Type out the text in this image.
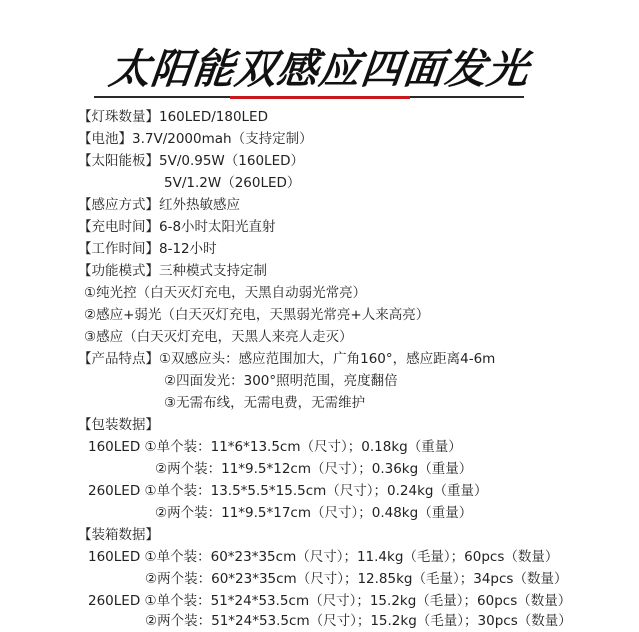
太阳能双感应四面发光
【灯珠数量】160LED/180LED
【电池】3.7V/2000mah（支持定制）
【太阳能板】5V/0.95W（160LED）
5V/1.2W（260LED）
【感应方式】红外热敏感应
【充电时间】6-8小时太阳光直射
【工作时间】8-12小时
【功能模式】三种模式支持定制
①纯光控（白天灭灯充电，天黑自动弱光常亮）
②感应+弱光（白天灭灯充电，天黑弱光常亮+人来高亮）
③感应（白天灭灯充电，天黑人来亮人走灭）
【产品特点】①双感应头：感应范围加大，广角160°，感应距离4-6m
②四面发光：300°照明范围，亮度翻倍
③无需布线，无需电费，无需维护
【包装数据】
160LED ①单个装：11*6*13.5cm（尺寸）；0.18kg（重量）
②两个装：11*9.5*12cm（尺寸）；0.36kg（重量）
260LED ①单个装：13.5*5.5*15.5cm（尺寸）；0.24kg（重量）
②两个装：11*9.5*17cm（尺寸）；0.48kg（重量）
【装箱数据】
160LED ①单个装：60*23*35cm（尺寸）；11.4kg（毛量）；60pcs（数量）
②两个装：60*23*35cm（尺寸）；12.85kg（毛量）；34pcs（数量）
260LED ①单个装：51*24*53.5cm（尺寸）；15.2kg（毛量）；60pcs（数量）
②两个装：51*24*53.5cm（尺寸）；15.2kg（毛量）；30pcs（数量）
